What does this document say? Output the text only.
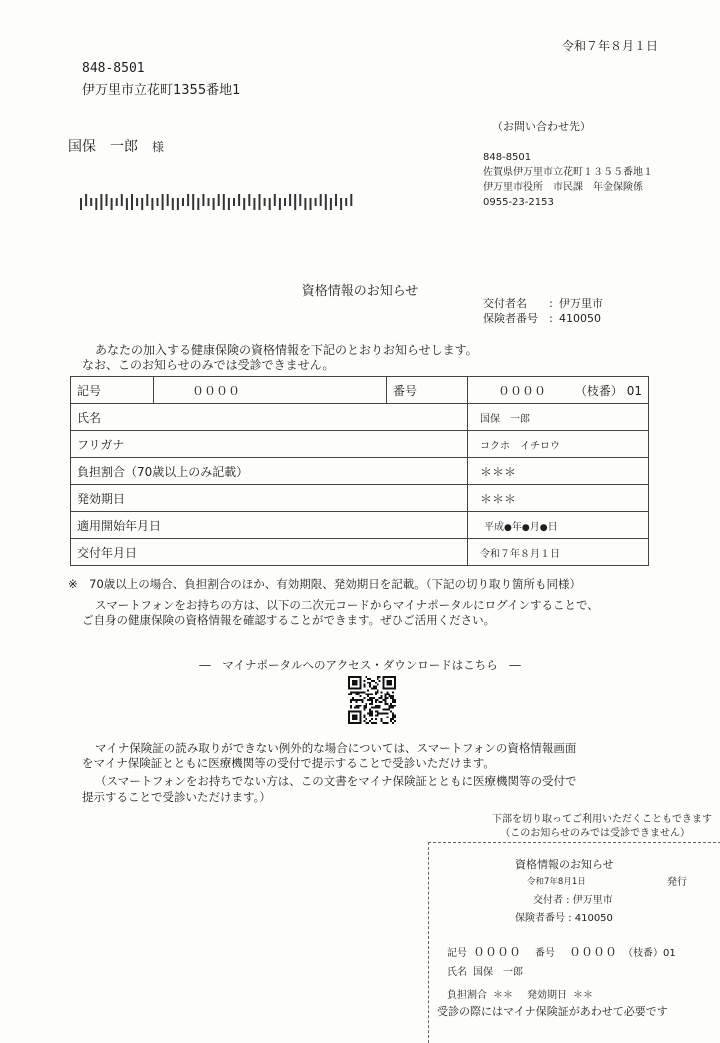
令和７年８月１日
848-8501
伊万里市立花町1355番地1
国保　一郎 様
（お問い合わせ先）
848-8501
佐賀県伊万里市立花町１３５５番地１
伊万里市役所　市民課　年金保険係
0955-23-2153
資格情報のお知らせ
交付者名 : 伊万里市
保険者番号 : 410050
あなたの加入する健康保険の資格情報を下記のとおりお知らせします。
なお、このお知らせのみでは受診できません。
記号	００００	番号	００００ （枝番） 01

氏名			国保　一郎
フリガナ			コクホ　イチロウ
負担割合（70歳以上のみ記載）			＊＊＊
発効期日			＊＊＊
適用開始年月日			平成●年●月●日
交付年月日			令和７年８月１日
※　 70歳以上の場合、負担割合のほか、有効期限、発効期日を記載。（下記の切り取り箇所も同様）
スマートフォンをお持ちの方は、以下の二次元コードからマイナポータルにログインすることで、
ご自身の健康保険の資格情報を確認することができます。ぜひご活用ください。
―　マイナポータルへのアクセス・ダウンロードはこちら　―
マイナ保険証の読み取りができない例外的な場合については、スマートフォンの資格情報画面
をマイナ保険証とともに医療機関等の受付で提示することで受診いただけます。
（スマートフォンをお持ちでない方は、この文書をマイナ保険証とともに医療機関等の受付で
提示することで受診いただけます。）
下部を切り取ってご利用いただくこともできます
（このお知らせのみでは受診できません）
資格情報のお知らせ
令和7年8月1日	発行
交付者 : 伊万里市
保険者番号 : 410050
記号 ００００ 番号 ００００ （枝番）01
氏名 国保　一郎
負担割合 ＊＊ 発効期日 ＊＊
受診の際にはマイナ保険証があわせて必要です
